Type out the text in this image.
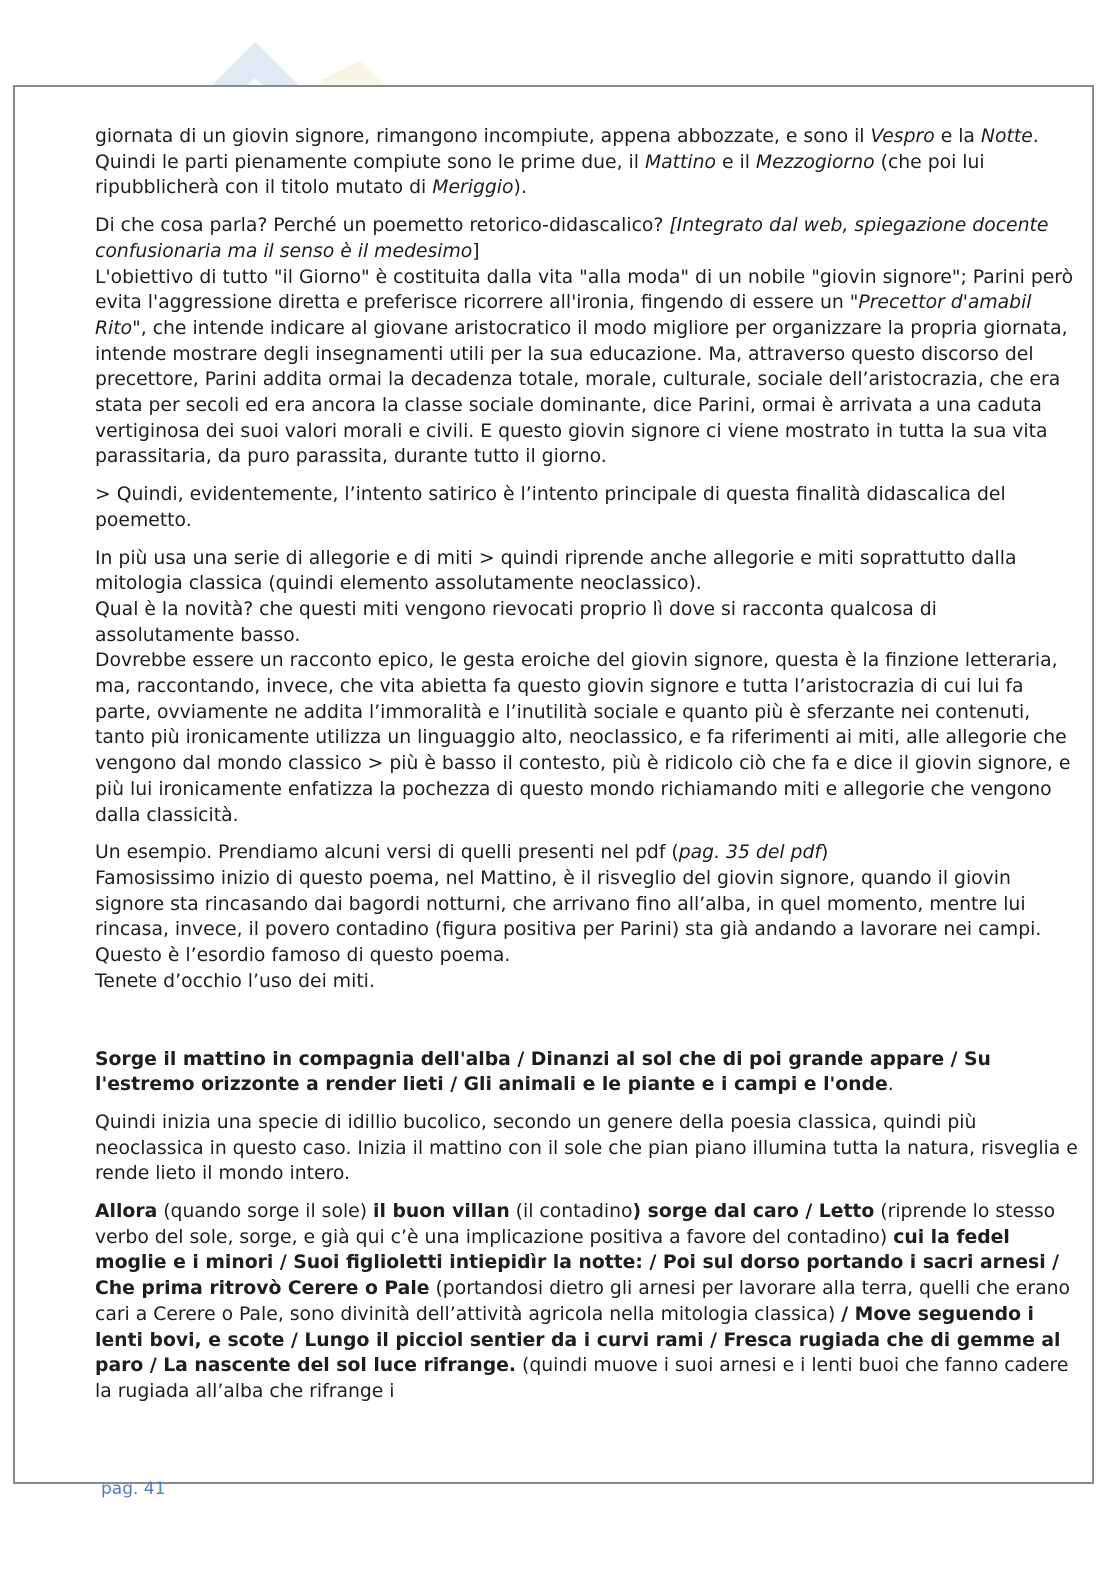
giornata di un giovin signore, rimangono incompiute, appena abbozzate, e sono il Vespro e la Notte.

Quindi le parti pienamente compiute sono le prime due, il Mattino e il Mezzogiorno (che poi lui ripubblicherà con il titolo mutato di Meriggio).

Di che cosa parla? Perché un poemetto retorico-didascalico? [Integrato dal web, spiegazione docente confusionaria ma il senso è il medesimo]

L'obiettivo di tutto "il Giorno" è costituita dalla vita "alla moda" di un nobile "giovin signore"; Parini però evita l'aggressione diretta e preferisce ricorrere all'ironia, fingendo di essere un "Precettor d'amabil Rito", che intende indicare al giovane aristocratico il modo migliore per organizzare la propria giornata, intende mostrare degli insegnamenti utili per la sua educazione. Ma, attraverso questo discorso del precettore, Parini addita ormai la decadenza totale, morale, culturale, sociale dell’aristocrazia, che era stata per secoli ed era ancora la classe sociale dominante, dice Parini, ormai è arrivata a una caduta vertiginosa dei suoi valori morali e civili. E questo giovin signore ci viene mostrato in tutta la sua vita parassitaria, da puro parassita, durante tutto il giorno.

> Quindi, evidentemente, l’intento satirico è l’intento principale di questa finalità didascalica del poemetto.

In più usa una serie di allegorie e di miti > quindi riprende anche allegorie e miti soprattutto dalla mitologia classica (quindi elemento assolutamente neoclassico).

Qual è la novità? che questi miti vengono rievocati proprio lì dove si racconta qualcosa di assolutamente basso.

Dovrebbe essere un racconto epico, le gesta eroiche del giovin signore, questa è la finzione letteraria, ma, raccontando, invece, che vita abietta fa questo giovin signore e tutta l’aristocrazia di cui lui fa parte, ovviamente ne addita l’immoralità e l’inutilità sociale e quanto più è sferzante nei contenuti, tanto più ironicamente utilizza un linguaggio alto, neoclassico, e fa riferimenti ai miti, alle allegorie che vengono dal mondo classico > più è basso il contesto, più è ridicolo ciò che fa e dice il giovin signore, e più lui ironicamente enfatizza la pochezza di questo mondo richiamando miti e allegorie che vengono dalla classicità.

Un esempio. Prendiamo alcuni versi di quelli presenti nel pdf (pag. 35 del pdf)

Famosissimo inizio di questo poema, nel Mattino, è il risveglio del giovin signore, quando il giovin signore sta rincasando dai bagordi notturni, che arrivano fino all’alba, in quel momento, mentre lui rincasa, invece, il povero contadino (figura positiva per Parini) sta già andando a lavorare nei campi. Questo è l’esordio famoso di questo poema.

Tenete d’occhio l’uso dei miti.

Sorge il mattino in compagnia dell'alba / Dinanzi al sol che di poi grande appare / Su l'estremo orizzonte a render lieti / Gli animali e le piante e i campi e l'onde.

Quindi inizia una specie di idillio bucolico, secondo un genere della poesia classica, quindi più neoclassica in questo caso. Inizia il mattino con il sole che pian piano illumina tutta la natura, risveglia e rende lieto il mondo intero.

Allora (quando sorge il sole) il buon villan (il contadino) sorge dal caro / Letto (riprende lo stesso verbo del sole, sorge, e già qui c’è una implicazione positiva a favore del contadino) cui la fedel moglie e i minori / Suoi figlioletti intiepidìr la notte: / Poi sul dorso portando i sacri arnesi / Che prima ritrovò Cerere o Pale (portandosi dietro gli arnesi per lavorare alla terra, quelli che erano cari a Cerere o Pale, sono divinità dell’attività agricola nella mitologia classica) / Move seguendo i lenti bovi, e scote / Lungo il picciol sentier da i curvi rami / Fresca rugiada che di gemme al paro / La nascente del sol luce rifrange. (quindi muove i suoi arnesi e i lenti buoi che fanno cadere la rugiada all’alba che rifrange i

pag. 41
